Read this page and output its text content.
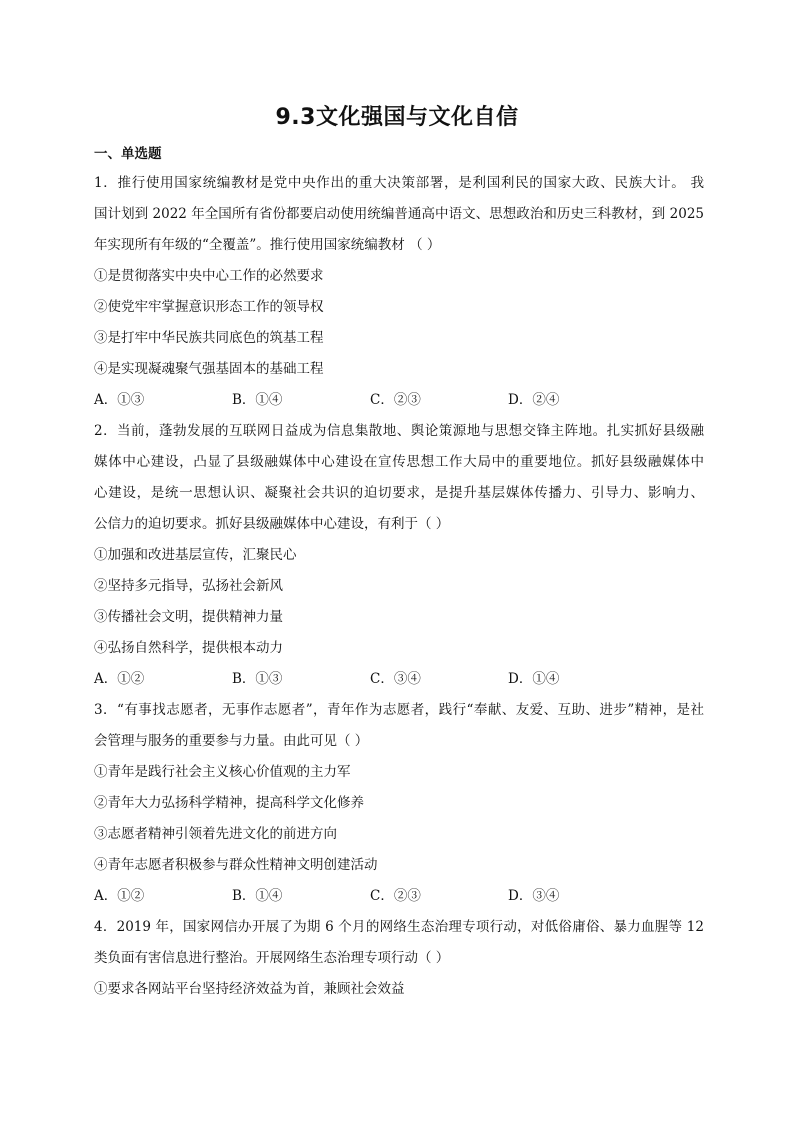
9.3文化强国与文化自信
一、单选题
1．推行使用国家统编教材是党中央作出的重大决策部署，是利国利民的国家大政、民族大计。 我
国计划到 2022 年全国所有省份都要启动使用统编普通高中语文、思想政治和历史三科教材，到 2025
年实现所有年级的“全覆盖”。推行使用国家统编教材 （ ）
①是贯彻落实中央中心工作的必然要求
②使党牢牢掌握意识形态工作的领导权
③是打牢中华民族共同底色的筑基工程
④是实现凝魂聚气强基固本的基础工程
A．①③	B．①④	C．②③	D．②④
2．当前，蓬勃发展的互联网日益成为信息集散地、舆论策源地与思想交锋主阵地。扎实抓好县级融
媒体中心建设，凸显了县级融媒体中心建设在宣传思想工作大局中的重要地位。抓好县级融媒体中
心建设，是统一思想认识、凝聚社会共识的迫切要求，是提升基层媒体传播力、引导力、影响力、
公信力的迫切要求。抓好县级融媒体中心建设，有利于（ ）
①加强和改进基层宣传，汇聚民心
②坚持多元指导，弘扬社会新风
③传播社会文明，提供精神力量
④弘扬自然科学，提供根本动力
A．①②	B．①③	C．③④	D．①④
3．“有事找志愿者，无事作志愿者”，青年作为志愿者，践行“奉献、友爱、互助、进步”精神，是社
会管理与服务的重要参与力量。由此可见（ ）
①青年是践行社会主义核心价值观的主力军
②青年大力弘扬科学精神，提高科学文化修养
③志愿者精神引领着先进文化的前进方向
④青年志愿者积极参与群众性精神文明创建活动
A．①②	B．①④	C．②③	D．③④
4．2019 年，国家网信办开展了为期 6 个月的网络生态治理专项行动，对低俗庸俗、暴力血腥等 12
类负面有害信息进行整治。开展网络生态治理专项行动（ ）
①要求各网站平台坚持经济效益为首，兼顾社会效益
